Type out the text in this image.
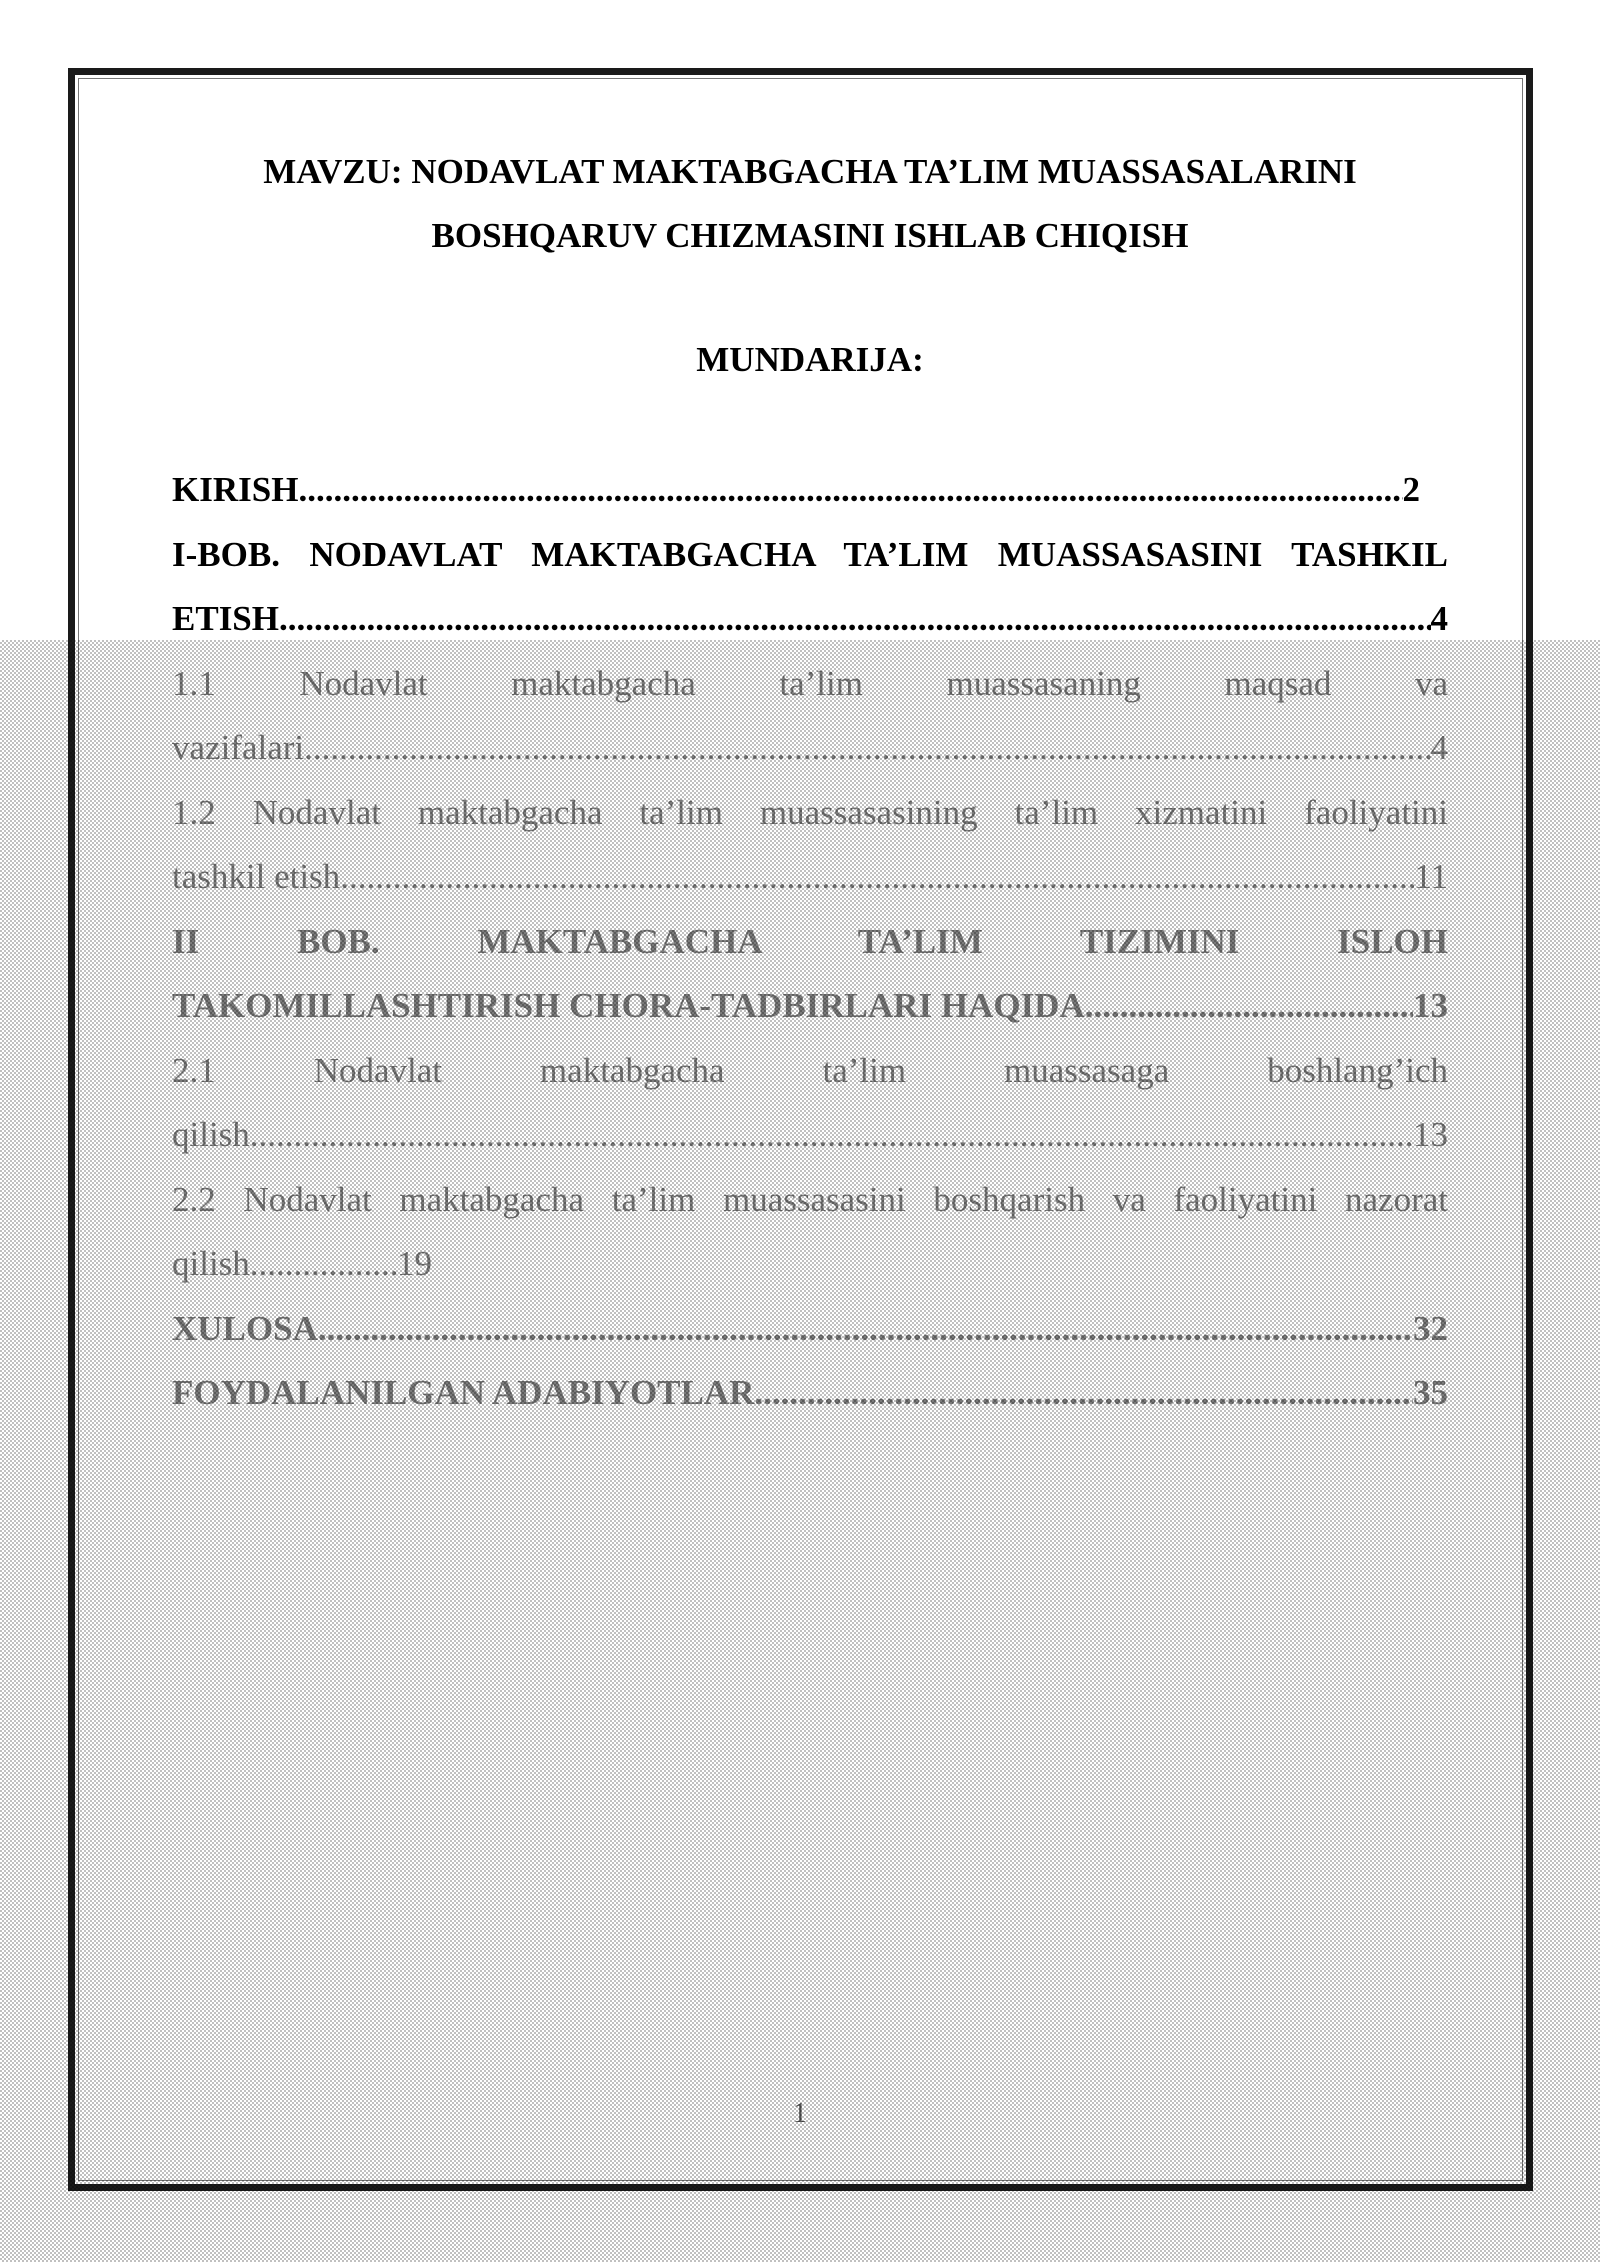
MAVZU: NODAVLAT MAKTABGACHA TA’LIM MUASSASALARINI

BOSHQARUV CHIZMASINI ISHLAB CHIQISH

MUNDARIJA:

KIRISH .....	2
I-BOB. NODAVLAT MAKTABGACHA TA’LIM MUASSASASINI TASHKIL
ETISH .....	4
1.1 Nodavlat maktabgacha ta’lim muassasaning maqsad va
vazifalari .....	4
1.2 Nodavlat maktabgacha ta’lim muassasasining ta’lim xizmatini faoliyatini
tashkil etish .....	11
II BOB. MAKTABGACHA TA’LIM TIZIMINI ISLOH
TAKOMILLASHTIRISH CHORA-TADBIRLARI HAQIDA .....	13
2.1 Nodavlat maktabgacha ta’lim muassasaga boshlang’ich
qilish .....	13
2.2 Nodavlat maktabgacha ta’lim muassasasini boshqarish va faoliyatini nazorat
qilish .....	19
XULOSA .....	32
FOYDALANILGAN ADABIYOTLAR .....	35
1
